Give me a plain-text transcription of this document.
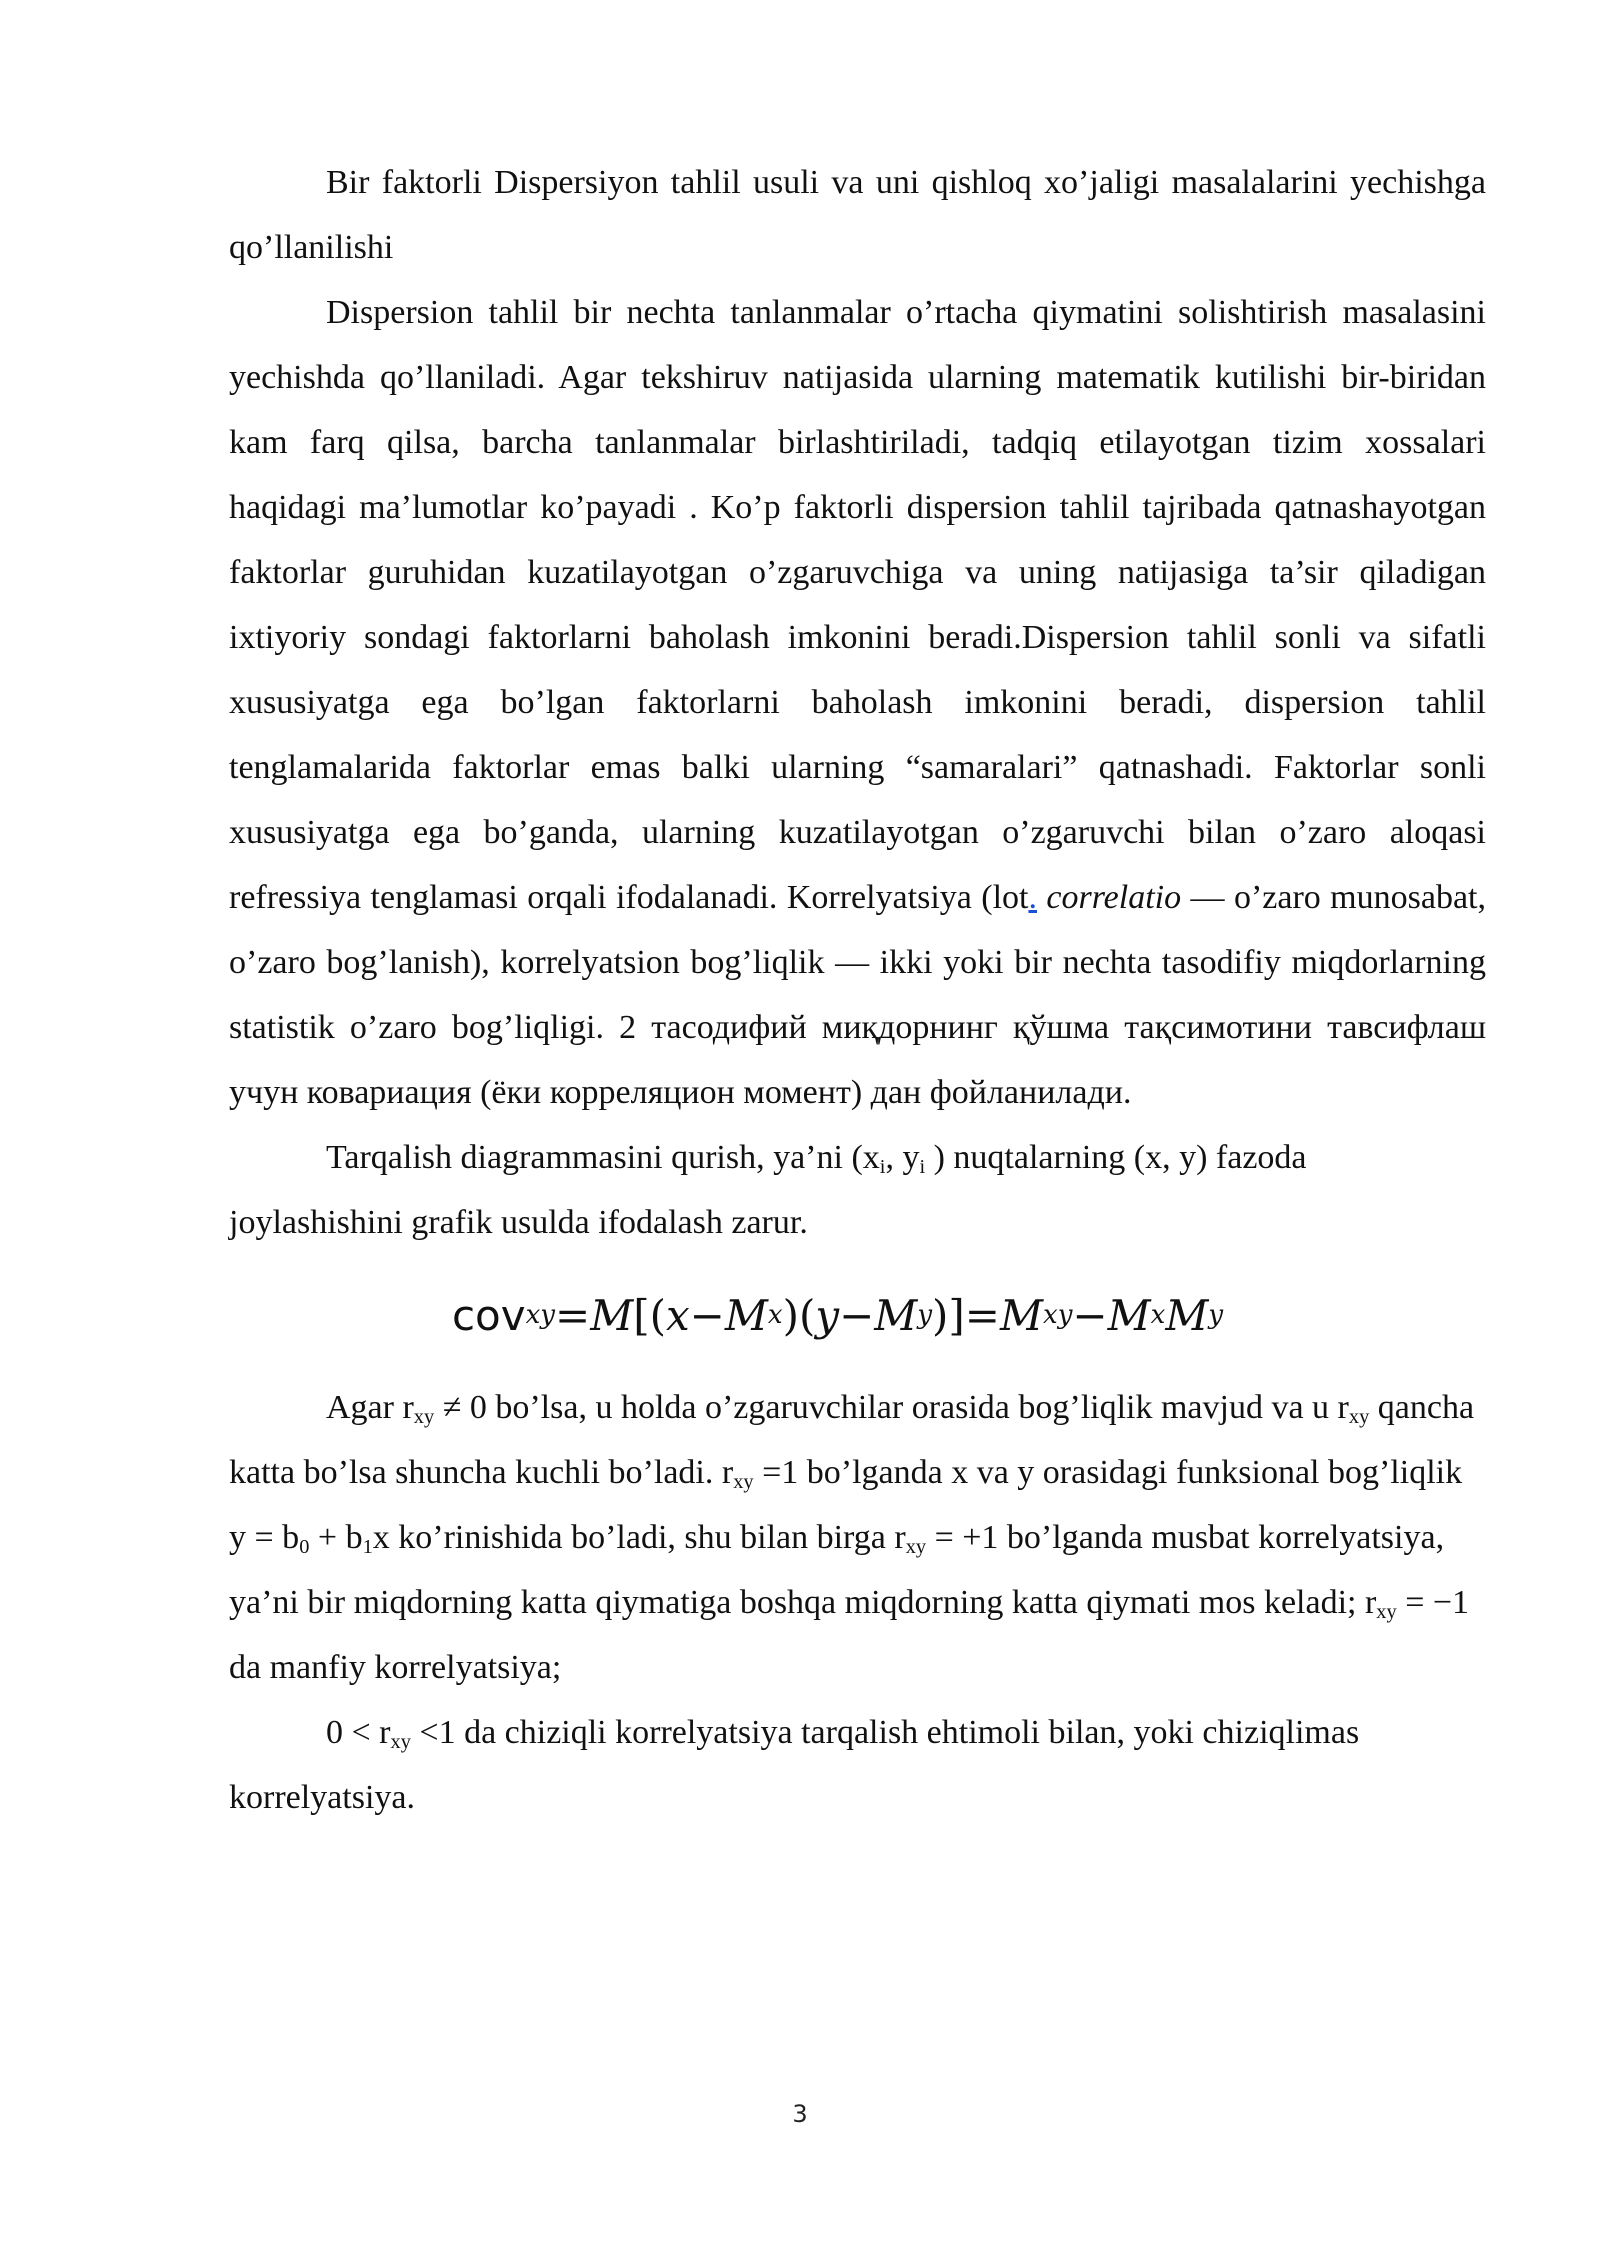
Bir faktorli Dispersiyon tahlil usuli va uni qishloq xo’jaligi masalalarini yechishga qo’llanilishi

Dispersion tahlil bir nechta tanlanmalar o’rtacha qiymatini solishtirish masalasini yechishda qo’llaniladi. Agar tekshiruv natijasida ularning matematik kutilishi bir-biridan kam farq qilsa, barcha tanlanmalar birlashtiriladi, tadqiq etilayotgan tizim xossalari haqidagi ma’lumotlar ko’payadi . Ko’p faktorli dispersion tahlil tajribada qatnashayotgan faktorlar guruhidan kuzatilayotgan o’zgaruvchiga va uning natijasiga ta’sir qiladigan ixtiyoriy sondagi faktorlarni baholash imkonini beradi.Dispersion tahlil sonli va sifatli xususiyatga ega bo’lgan faktorlarni baholash imkonini beradi, dispersion tahlil tenglamalarida faktorlar emas balki ularning “samaralari” qatnashadi. Faktorlar sonli xususiyatga ega bo’ganda, ularning kuzatilayotgan o’zgaruvchi bilan o’zaro aloqasi refressiya tenglamasi orqali ifodalanadi. Korrelyatsiya (lot. correlatio — o’zaro munosabat, o’zaro bog’lanish), korrelyatsion bog’liqlik — ikki yoki bir nechta tasodifiy miqdorlarning statistik o’zaro bog’liqligi. 2 тасодифий миқдорнинг қўшма тақсимотини тавсифлаш учун ковариация (ёки корреляцион момент) дан фойланилади.

Tarqalish diagrammasini qurish, ya’ni ($x_i$, $y_i$ ) nuqtalarning (x, y) fazoda joylashishini grafik usulda ifodalash zarur.

cov xy = M [( x − M x )( y − M y )]= M xy − M x M y

Agar $r_{xy} \ne 0$ bo’lsa, u holda o’zgaruvchilar orasida bog’liqlik mavjud va u $r_{xy}$ qancha katta bo’lsa shuncha kuchli bo’ladi. $r_{xy} =1$ bo’lganda x va y orasidagi funksional bog’liqlik $y = b_0 + b_1x$ ko’rinishida bo’ladi, shu bilan birga $r_{xy} = +1$ bo’lganda musbat korrelyatsiya, ya’ni bir miqdorning katta qiymatiga boshqa miqdorning katta qiymati mos keladi; $r_{xy} = -1$ da manfiy korrelyatsiya;

$0 < r_{xy} <1$ da chiziqli korrelyatsiya tarqalish ehtimoli bilan, yoki chiziqlimas korrelyatsiya.

3
